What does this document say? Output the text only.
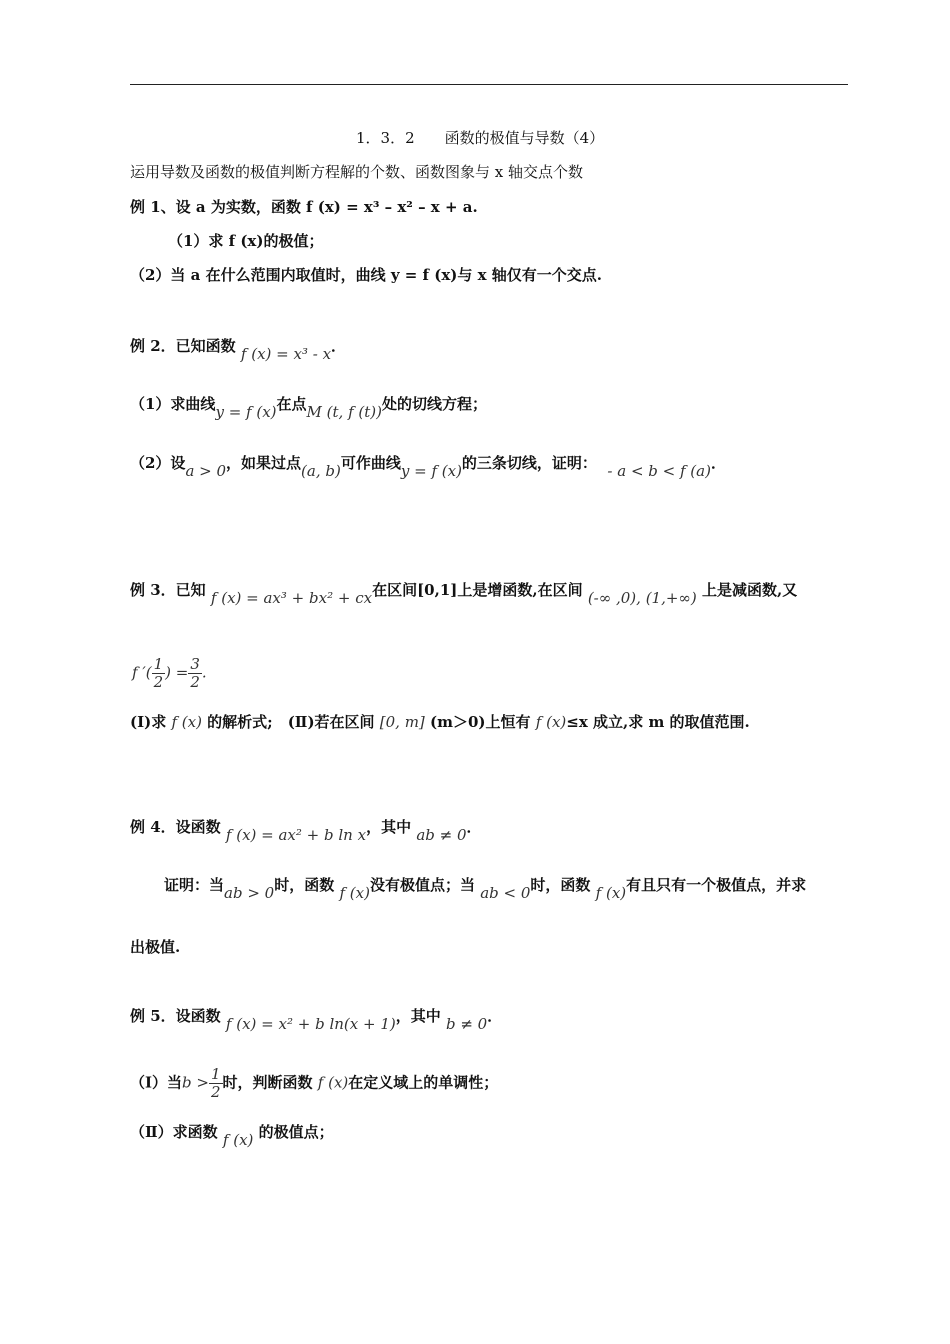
1．3．2　　函数的极值与导数（4）
运用导数及函数的极值判断方程解的个数、函数图象与 x 轴交点个数
例 1、设 a 为实数，函数 f (x) = x³ – x² – x + a.
（1）求 f (x)的极值；
（2）当 a 在什么范围内取值时，曲线 y = f (x)与 x 轴仅有一个交点.
例 2．已知函数 f (x) = x³ - x．
（1）求曲线y = f (x)在点M (t, f (t))处的切线方程；
（2）设a > 0，如果过点(a, b)可作曲线y = f (x)的三条切线，证明： - a < b < f (a)．
例 3．已知 f (x) = ax³ + bx² + cx在区间[0,1]上是增函数,在区间 (-∞ ,0), (1,+∞) 上是减函数,又
f ′( $\frac{1}{2}$ ) = $\frac{3}{2}$ .
(Ⅰ)求 f (x) 的解析式;　(Ⅱ)若在区间 [0, m] (m＞0)上恒有 f (x)≤x 成立,求 m 的取值范围.
例 4．设函数 f (x) = ax² + b ln x，其中 ab ≠ 0．
证明：当ab > 0时，函数 f (x)没有极值点；当 ab < 0时，函数 f (x)有且只有一个极值点，并求
出极值.
例 5．设函数 f (x) = x² + b ln(x + 1)，其中 b ≠ 0．
（Ⅰ）当$b > \frac{1}{2}$ 时，判断函数 f (x)在定义域上的单调性；
（Ⅱ）求函数 f (x) 的极值点；
